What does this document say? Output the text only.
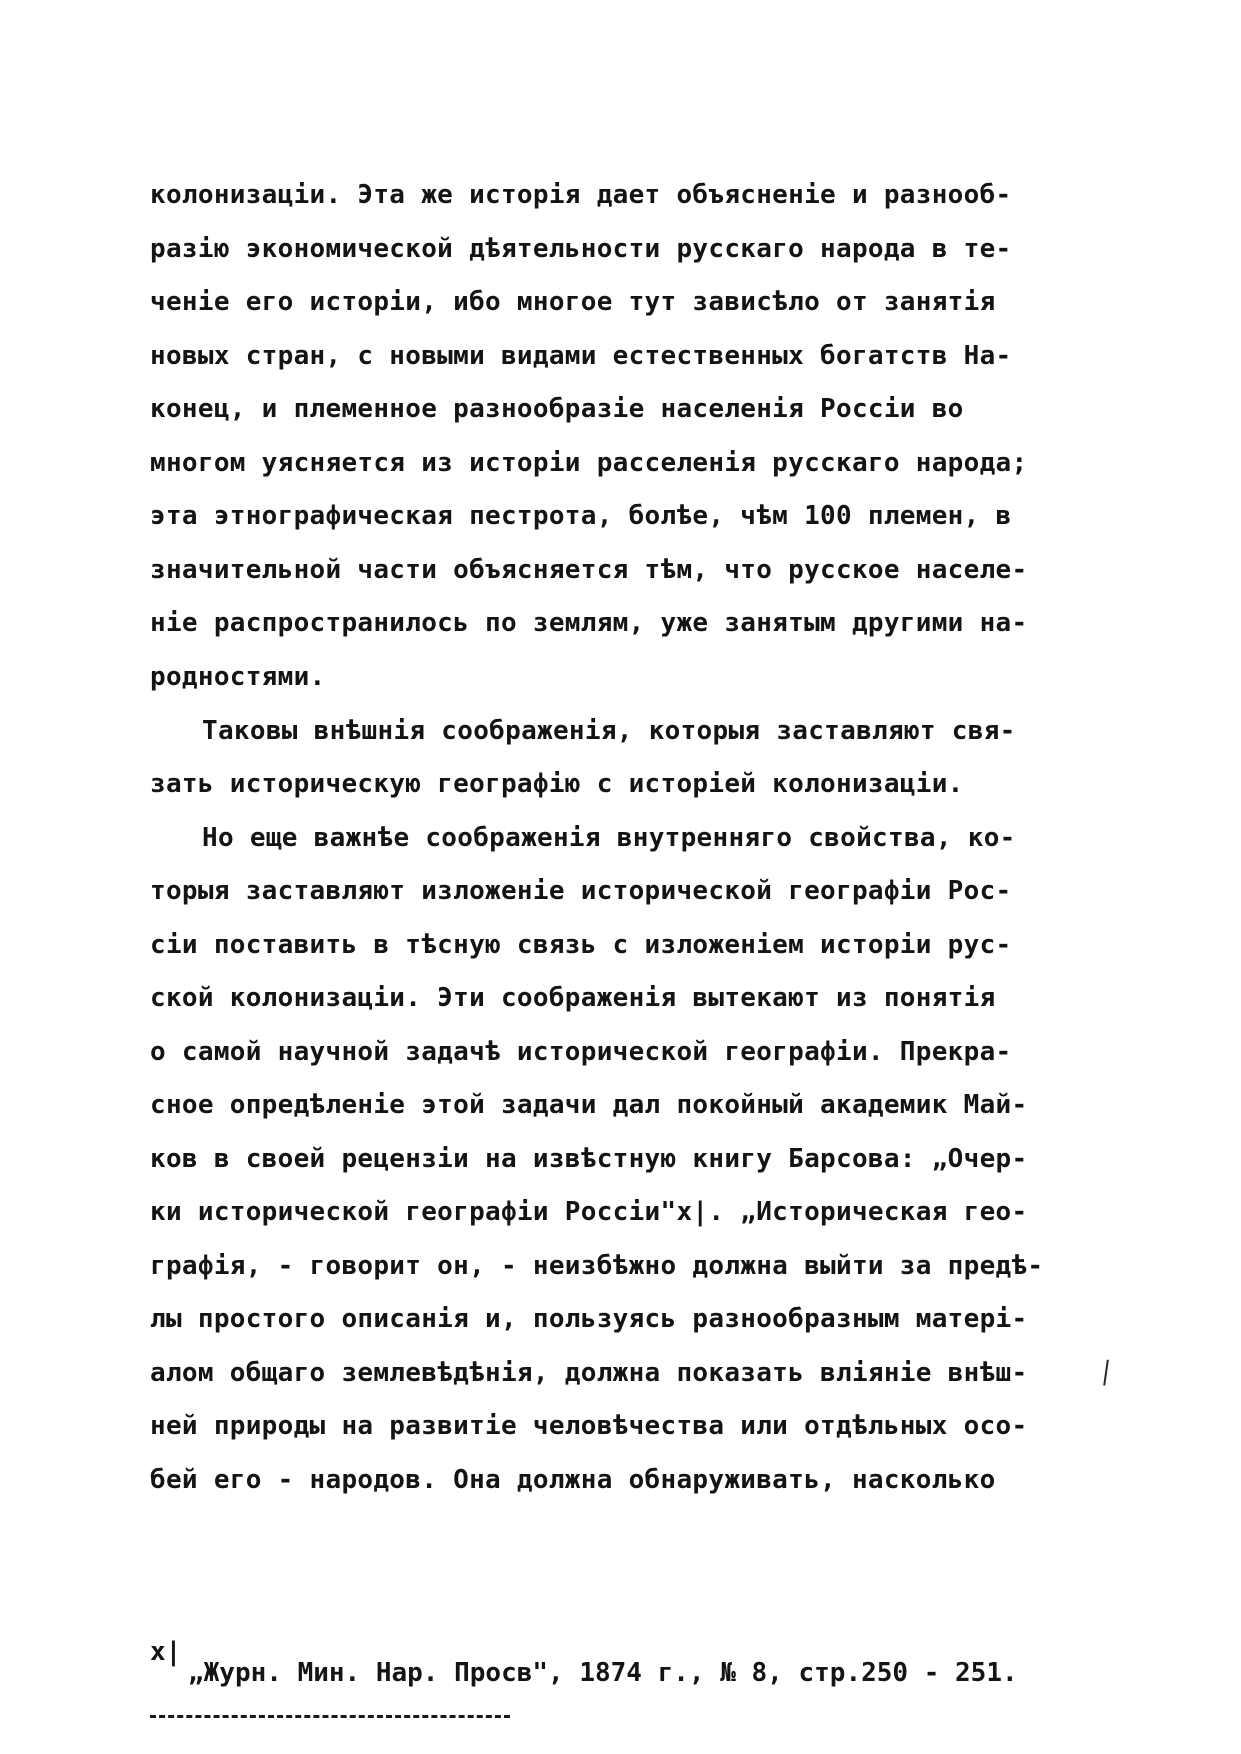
колонизацiи. Эта же исторiя дает объясненiе и разнооб-
разiю экономической дѣятельности русскаго народа в те-
ченiе его исторiи, ибо многое тут зависѣло от занятiя
новых стран, с новыми видами естественных богатств На-
конец, и племенное разнообразiе населенiя Россiи во
многом уясняется из исторiи расселенiя русскаго народа;
эта этнографическая пестрота, болѣе, чѣм 100 племен, в
значительной части объясняется тѣм, что русское населе-
нiе распространилось по землям, уже занятым другими на-
родностями.
Таковы внѣшнiя соображенiя, которыя заставляют свя-
зать историческую географiю с исторiей колонизацiи.
Но еще важнѣе соображенiя внутренняго свойства, ко-
торыя заставляют изложенiе исторической географiи Рос-
сiи поставить в тѣсную связь с изложенiем исторiи рус-
ской колонизацiи. Эти соображенiя вытекают из понятiя
о самой научной задачѣ исторической географiи. Прекра-
сное опредѣленiе этой задачи дал покойный академик Май-
ков в своей рецензiи на извѣстную книгу Барсова: „Очер-
ки исторической географiи Россiи"x|. „Историческая гео-
графiя, - говорит он, - неизбѣжно должна выйти за предѣ-
лы простого описанiя и, пользуясь разнообразным матерi-
алом общаго землевѣдѣнiя, должна показать влiянiе внѣш-
ней природы на развитiе человѣчества или отдѣльных осо-
бей его - народов. Она должна обнаруживать, насколько
x|
„Журн. Мин. Нар. Просв", 1874 г., № 8, стр.250 - 251.
